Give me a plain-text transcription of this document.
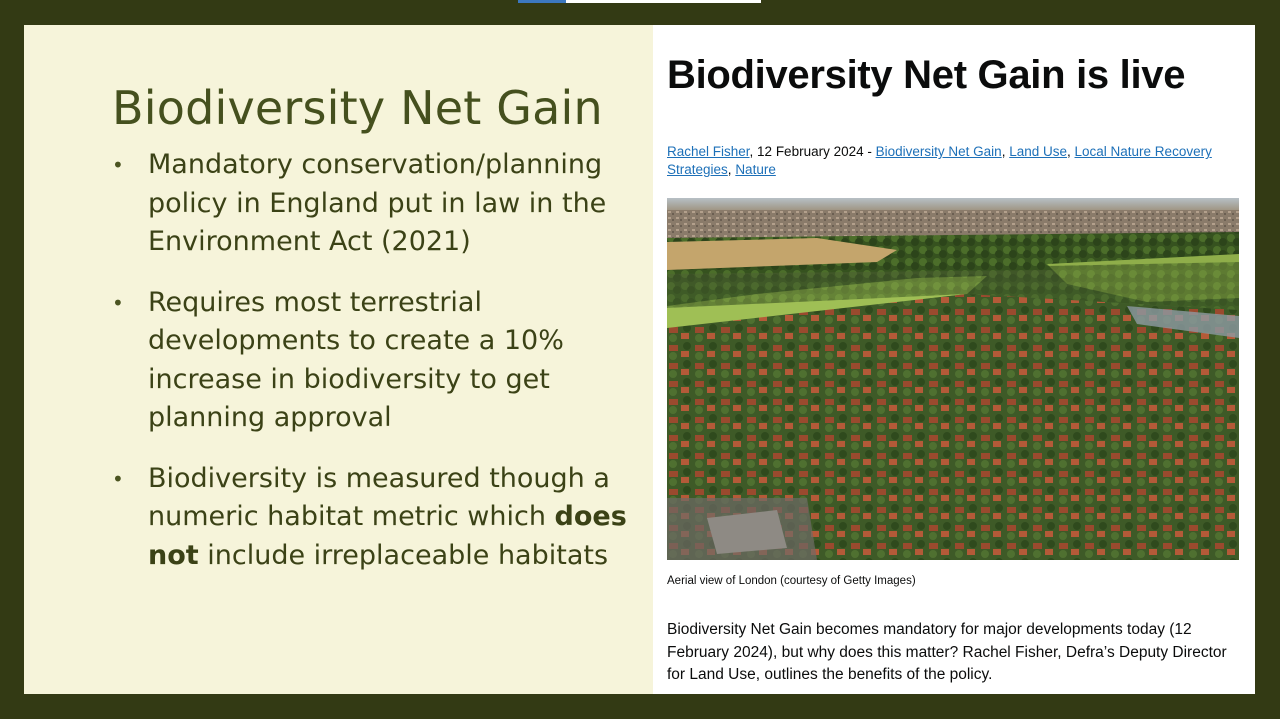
Biodiversity Net Gain
• Mandatory conservation/planning policy in England put in law in the Environment Act (2021)
• Requires most terrestrial developments to create a 10% increase in biodiversity to get planning approval
• Biodiversity is measured though a numeric habitat metric which does not include irreplaceable habitats
Biodiversity Net Gain is live
Rachel Fisher, 12 February 2024 - Biodiversity Net Gain, Land Use, Local Nature Recovery Strategies, Nature
Aerial view of London (courtesy of Getty Images)

Biodiversity Net Gain becomes mandatory for major developments today (12 February 2024), but why does this matter? Rachel Fisher, Defra’s Deputy Director for Land Use, outlines the benefits of the policy.
